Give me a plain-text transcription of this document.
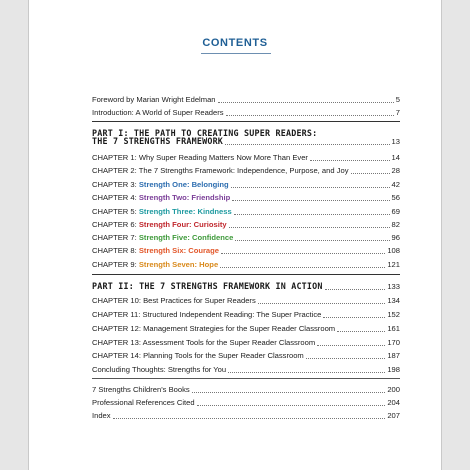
CONTENTS
Foreword by Marian Wright Edelman	5
Introduction: A World of Super Readers	7
PART I: THE PATH TO CREATING SUPER READERS:
THE 7 STRENGTHS FRAMEWORK	13
CHAPTER 1: Why Super Reading Matters Now More Than Ever	14
CHAPTER 2: The 7 Strengths Framework: Independence, Purpose, and Joy	28
CHAPTER 3: Strength One: Belonging	42
CHAPTER 4: Strength Two: Friendship	56
CHAPTER 5: Strength Three: Kindness	69
CHAPTER 6: Strength Four: Curiosity	82
CHAPTER 7: Strength Five: Confidence	96
CHAPTER 8: Strength Six: Courage	108
CHAPTER 9: Strength Seven: Hope	121
PART II: THE 7 STRENGTHS FRAMEWORK IN ACTION	133
CHAPTER 10: Best Practices for Super Readers	134
CHAPTER 11: Structured Independent Reading: The Super Practice	152
CHAPTER 12: Management Strategies for the Super Reader Classroom	161
CHAPTER 13: Assessment Tools for the Super Reader Classroom	170
CHAPTER 14: Planning Tools for the Super Reader Classroom	187
Concluding Thoughts: Strengths for You	198
7 Strengths Children's Books	200
Professional References Cited	204
Index	207
